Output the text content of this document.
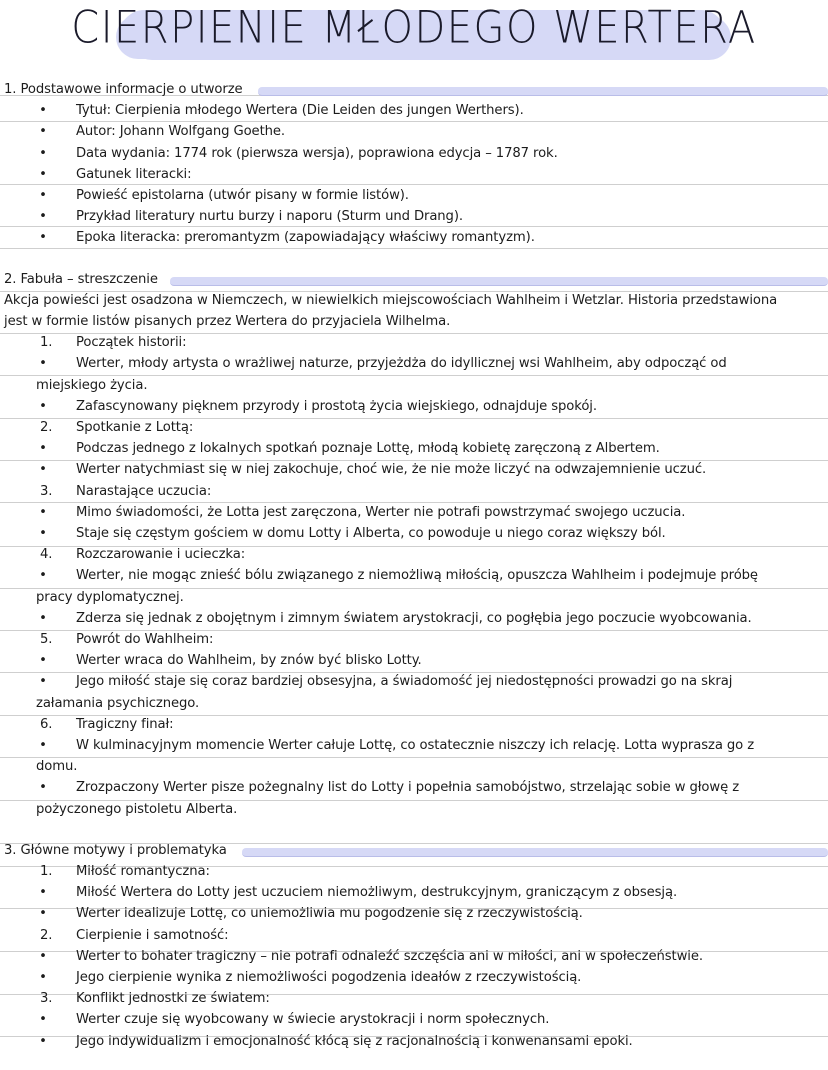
CIERPIENIE MŁODEGO WERTERA
1. Podstawowe informacje o utworze
• Tytuł: Cierpienia młodego Wertera (Die Leiden des jungen Werthers).
• Autor: Johann Wolfgang Goethe.
• Data wydania: 1774 rok (pierwsza wersja), poprawiona edycja – 1787 rok.
• Gatunek literacki:
• Powieść epistolarna (utwór pisany w formie listów).
• Przykład literatury nurtu burzy i naporu (Sturm und Drang).
• Epoka literacka: preromantyzm (zapowiadający właściwy romantyzm).
2. Fabuła – streszczenie
Akcja powieści jest osadzona w Niemczech, w niewielkich miejscowościach Wahlheim i Wetzlar. Historia przedstawiona
jest w formie listów pisanych przez Wertera do przyjaciela Wilhelma.
1. Początek historii:
• Werter, młody artysta o wrażliwej naturze, przyjeżdża do idyllicznej wsi Wahlheim, aby odpocząć od
miejskiego życia.
• Zafascynowany pięknem przyrody i prostotą życia wiejskiego, odnajduje spokój.
2. Spotkanie z Lottą:
• Podczas jednego z lokalnych spotkań poznaje Lottę, młodą kobietę zaręczoną z Albertem.
• Werter natychmiast się w niej zakochuje, choć wie, że nie może liczyć na odwzajemnienie uczuć.
3. Narastające uczucia:
• Mimo świadomości, że Lotta jest zaręczona, Werter nie potrafi powstrzymać swojego uczucia.
• Staje się częstym gościem w domu Lotty i Alberta, co powoduje u niego coraz większy ból.
4. Rozczarowanie i ucieczka:
• Werter, nie mogąc znieść bólu związanego z niemożliwą miłością, opuszcza Wahlheim i podejmuje próbę
pracy dyplomatycznej.
• Zderza się jednak z obojętnym i zimnym światem arystokracji, co pogłębia jego poczucie wyobcowania.
5. Powrót do Wahlheim:
• Werter wraca do Wahlheim, by znów być blisko Lotty.
• Jego miłość staje się coraz bardziej obsesyjna, a świadomość jej niedostępności prowadzi go na skraj
załamania psychicznego.
6. Tragiczny finał:
• W kulminacyjnym momencie Werter całuje Lottę, co ostatecznie niszczy ich relację. Lotta wyprasza go z
domu.
• Zrozpaczony Werter pisze pożegnalny list do Lotty i popełnia samobójstwo, strzelając sobie w głowę z
pożyczonego pistoletu Alberta.
3. Główne motywy i problematyka
1. Miłość romantyczna:
• Miłość Wertera do Lotty jest uczuciem niemożliwym, destrukcyjnym, graniczącym z obsesją.
• Werter idealizuje Lottę, co uniemożliwia mu pogodzenie się z rzeczywistością.
2. Cierpienie i samotność:
• Werter to bohater tragiczny – nie potrafi odnaleźć szczęścia ani w miłości, ani w społeczeństwie.
• Jego cierpienie wynika z niemożliwości pogodzenia ideałów z rzeczywistością.
3. Konflikt jednostki ze światem:
• Werter czuje się wyobcowany w świecie arystokracji i norm społecznych.
• Jego indywidualizm i emocjonalność kłócą się z racjonalnością i konwenansami epoki.
